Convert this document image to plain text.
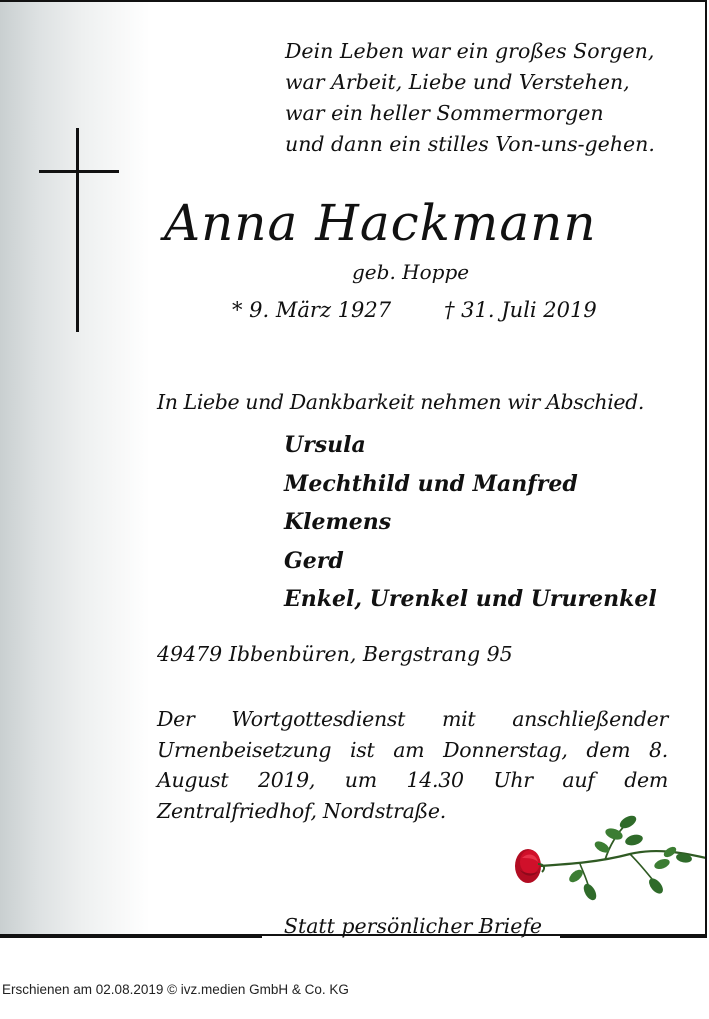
Dein Leben war ein großes Sorgen,
war Arbeit, Liebe und Verstehen,
war ein heller Sommermorgen
und dann ein stilles Von-uns-gehen.
Anna Hackmann
geb. Hoppe
* 9. März 1927	† 31. Juli 2019
In Liebe und Dankbarkeit nehmen wir Abschied.
Ursula
Mechthild und Manfred
Klemens
Gerd
Enkel, Urenkel und Ururenkel
49479 Ibbenbüren, Bergstrang 95
Der Wortgottesdienst mit anschließender Urnenbeisetzung ist am Donnerstag, dem 8. August 2019, um 14.30 Uhr auf dem Zentralfriedhof, Nordstraße.
Statt persönlicher Briefe
Erschienen am 02.08.2019 © ivz.medien GmbH & Co. KG
